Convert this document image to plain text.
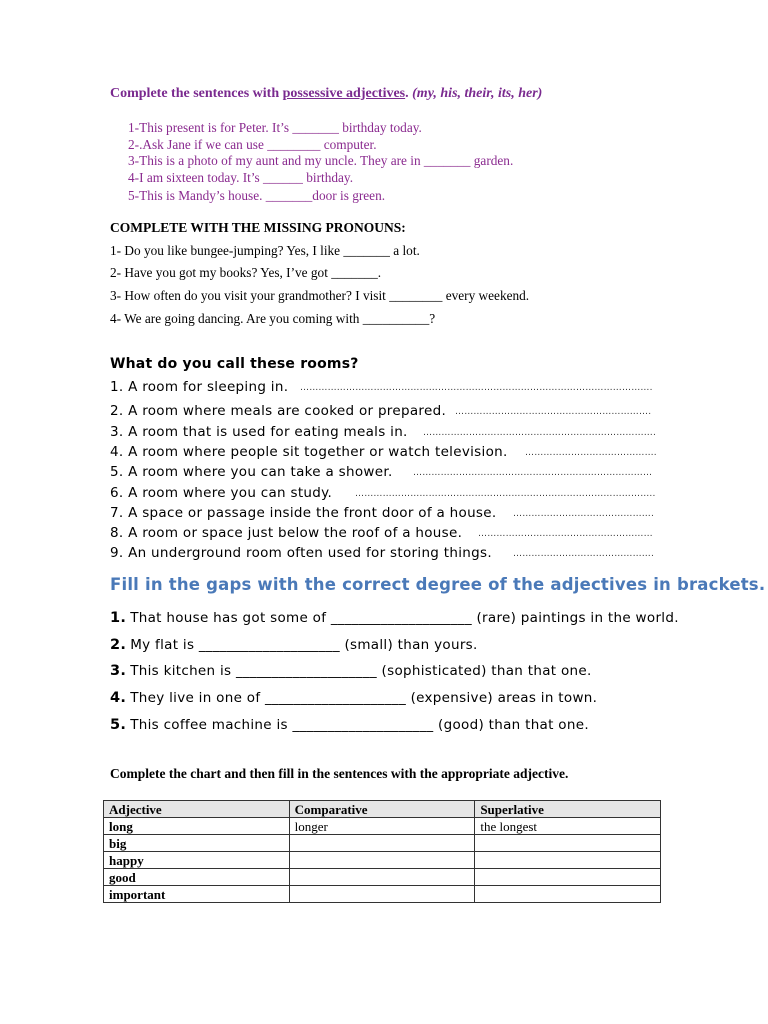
Complete the sentences with possessive adjectives. (my, his, their, its, her)
1-This present is for Peter. It’s _______ birthday today.
2-.Ask Jane if we can use ________ computer.
3-This is a photo of my aunt and my uncle. They are in _______ garden.
4-I am sixteen today. It’s ______ birthday.
5-This is Mandy’s house. _______door is green.
COMPLETE WITH THE MISSING PRONOUNS:
1- Do you like bungee-jumping? Yes, I like _______ a lot.
2- Have you got my books? Yes, I’ve got _______.
3- How often do you visit your grandmother? I visit ________ every weekend.
4- We are going dancing. Are you coming with __________?
What do you call these rooms?
1. A room for sleeping in. …………………………………………………………………………………………………….
2. A room where meals are cooked or prepared. ……………………………………………………….
3. A room that is used for eating meals in. ………………………………………………………………….
4. A room where people sit together or watch television. …………………………………….
5. A room where you can take a shower. ……………………………………………………………………
6. A room where you can study.	……………………………………………………………………………………..
7. A space or passage inside the front door of a house. ……………………………………….
8. A room or space just below the roof of a house. …………………………………………………
9. An underground room often used for storing things. ……………………………………….
Fill in the gaps with the correct degree of the adjectives in brackets.
1. That house has got some of ____________________ (rare) paintings in the world.
2. My flat is ____________________ (small) than yours.
3. This kitchen is ____________________ (sophisticated) than that one.
4. They live in one of ____________________ (expensive) areas in town.
5. This coffee machine is ____________________ (good) than that one.
Complete the chart and then fill in the sentences with the appropriate adjective.
Adjective	Comparative	Superlative
long	longer	the longest
big		
happy		
good		
important		
